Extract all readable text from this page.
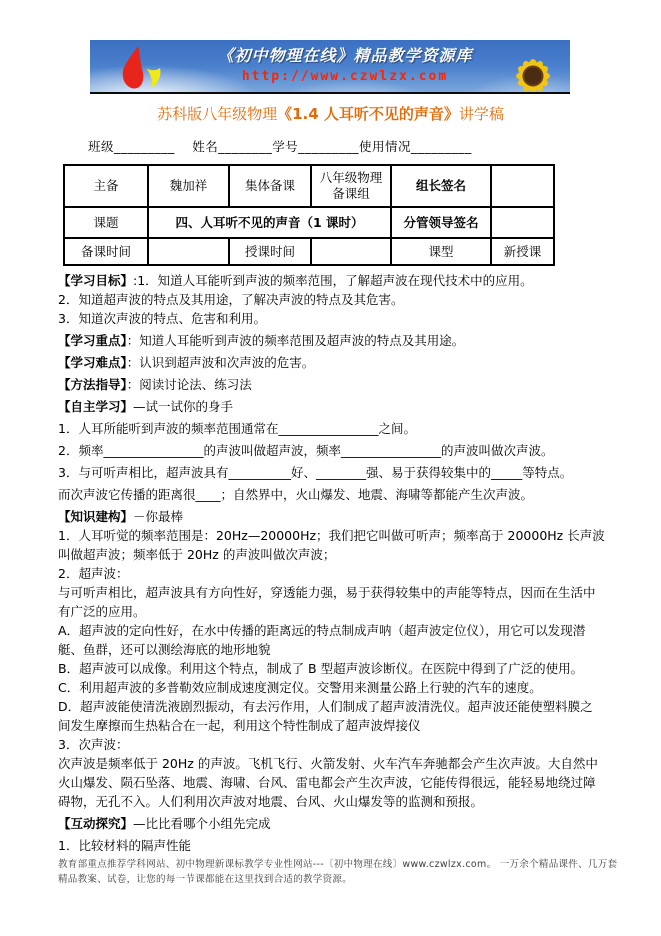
《初中物理在线》精品教学资源库
http://www.czwlzx.com
苏科版八年级物理《1.4 人耳听不见的声音》讲学稿
班级_________　 姓名________学号_________使用情况_________
主备	魏加祥	集体备课	八年级物理备课组	组长签名	
课题	四、人耳听不见的声音（1 课时）			分管领导签名	
备课时间		授课时间		课型	新授课

【学习目标】:1．知道人耳能听到声波的频率范围，了解超声波在现代技术中的应用。

2．知道超声波的特点及其用途，了解决声波的特点及其危害。

3．知道次声波的特点、危害和利用。

【学习重点】：知道人耳能听到声波的频率范围及超声波的特点及其用途。

【学习难点】：认识到超声波和次声波的危害。

【方法指导】：阅读讨论法、练习法

【自主学习】—试一试你的身手

1．人耳所能听到声波的频率范围通常在________________之间。

2．频率________________的声波叫做超声波，频率________________的声波叫做次声波。

3．与可听声相比，超声波具有__________好、________强、易于获得较集中的_____等特点。

而次声波它传播的距离很____；自然界中，火山爆发、地震、海啸等都能产生次声波。

【知识建构】－你最棒

1．人耳听觉的频率范围是：20Hz—20000Hz；我们把它叫做可听声；频率高于 20000Hz 长声波叫做超声波；频率低于 20Hz 的声波叫做次声波；

2．超声波：

与可听声相比，超声波具有方向性好，穿透能力强，易于获得较集中的声能等特点，因而在生活中有广泛的应用。

A．超声波的定向性好，在水中传播的距离远的特点制成声呐（超声波定位仪），用它可以发现潜艇、鱼群，还可以测绘海底的地形地貌

B．超声波可以成像。利用这个特点，制成了 B 型超声波诊断仪。在医院中得到了广泛的使用。

C．利用超声波的多普勒效应制成速度测定仪。交警用来测量公路上行驶的汽车的速度。

D．超声波能使清洗液剧烈振动，有去污作用，人们制成了超声波清洗仪。超声波还能使塑料膜之间发生摩擦而生热粘合在一起，利用这个特性制成了超声波焊接仪

3．次声波：

次声波是频率低于 20Hz 的声波。飞机飞行、火箭发射、火车汽车奔驰都会产生次声波。大自然中火山爆发、陨石坠落、地震、海啸、台风、雷电都会产生次声波，它能传得很远，能轻易地绕过障碍物，无孔不入。人们利用次声波对地震、台风、火山爆发等的监测和预报。

【互动探究】—比比看哪个小组先完成

1．比较材料的隔声性能

教育部重点推荐学科网站、初中物理新课标教学专业性网站---〔初中物理在线〕www.czwlzx.com。 一万余个精品课件、几万套精品教案、试卷，让您的每一节课都能在这里找到合适的教学资源。
